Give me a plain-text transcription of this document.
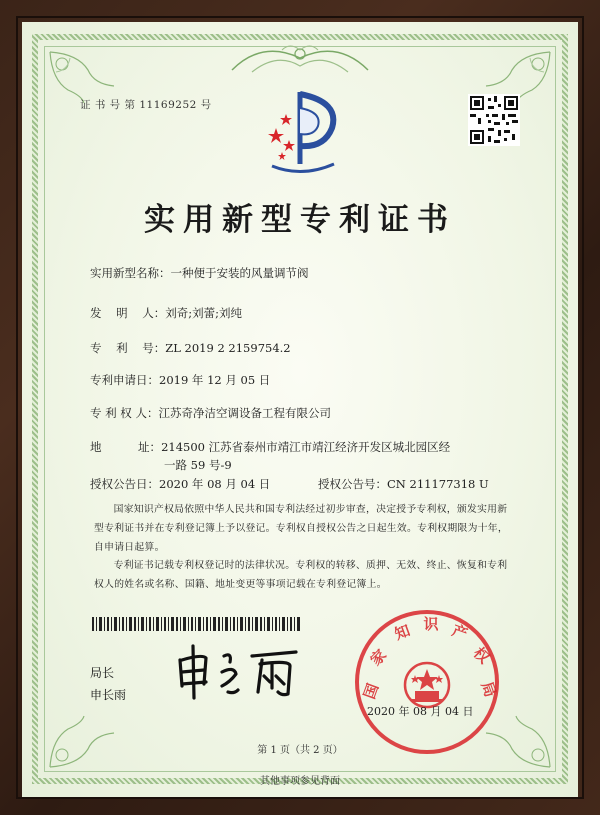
证 书 号 第 11169252 号
实用新型专利证书
实用新型名称：一种便于安装的风量调节阀
发    明    人：刘奇;刘蕾;刘纯
专    利    号：ZL 2019 2 2159754.2
专利申请日：2019 年 12 月 05 日
专 利 权 人：江苏奇净洁空调设备工程有限公司
地          址：214500 江苏省泰州市靖江市靖江经济开发区城北园区经
一路 59 号-9
授权公告日：2020 年 08 月 04 日	授权公告号：CN 211177318 U
国家知识产权局依照中华人民共和国专利法经过初步审查，决定授予专利权，颁发实用新型专利证书并在专利登记簿上予以登记。专利权自授权公告之日起生效。专利权期限为十年，自申请日起算。
专利证书记载专利权登记时的法律状况。专利权的转移、质押、无效、终止、恢复和专利权人的姓名或名称、国籍、地址变更等事项记载在专利登记簿上。
局长
申长雨	国
家
知 识 产
权
局
2020 年 08 月 04 日
第 1 页（共 2 页）
其他事项参见背面
